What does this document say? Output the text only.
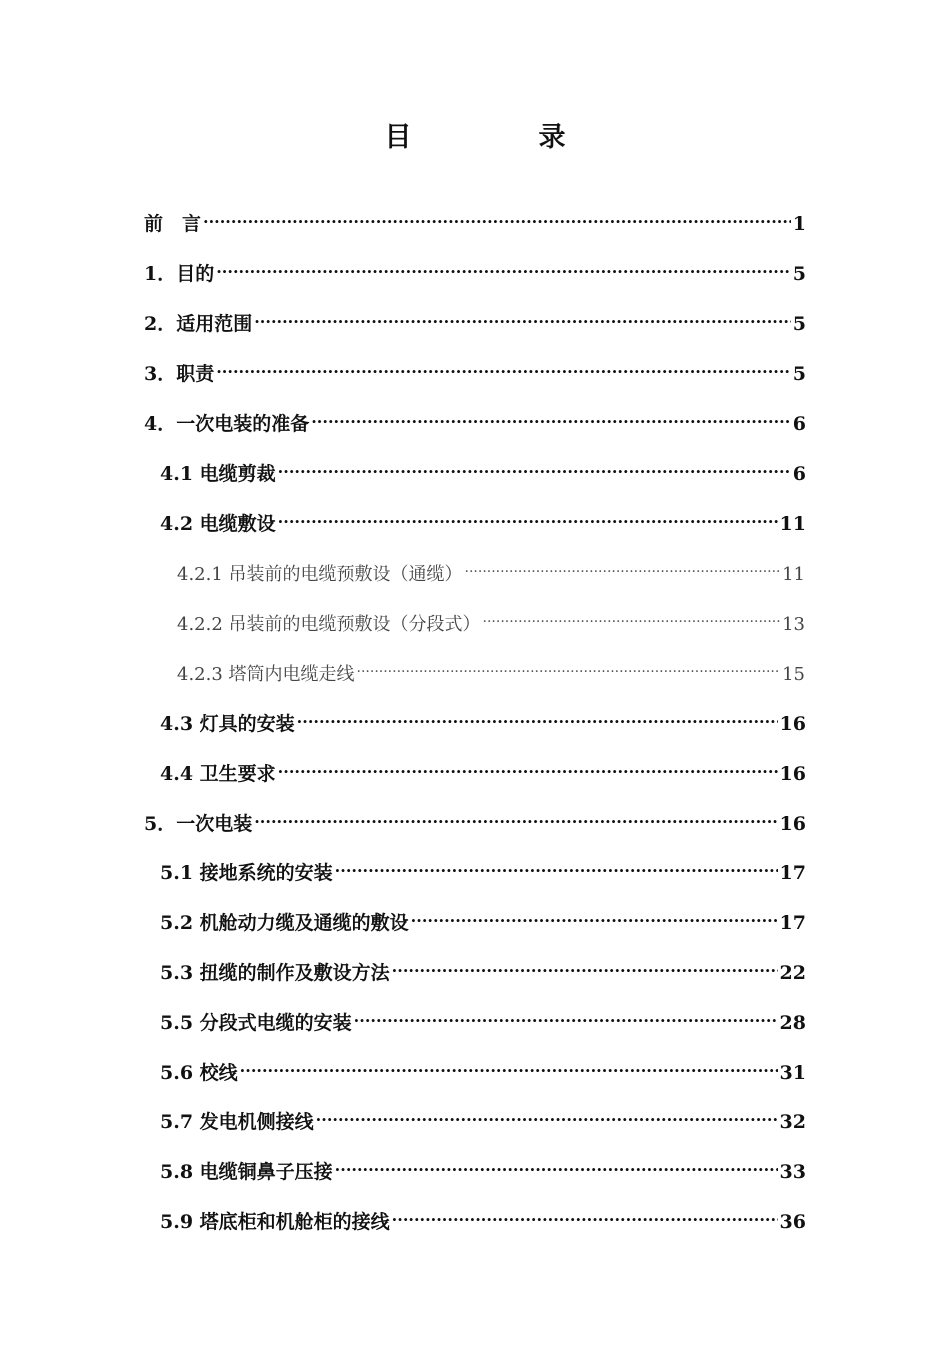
目　录
前　言 .....	1
1．目的 .....	5
2．适用范围 .....	5
3．职责 .....	5
4．一次电装的准备 .....	6
4.1 电缆剪裁 .....	6
4.2 电缆敷设 .....	11
4.2.1 吊装前的电缆预敷设（通缆） .....	11
4.2.2 吊装前的电缆预敷设（分段式） .....	13
4.2.3 塔筒内电缆走线 .....	15
4.3 灯具的安装 .....	16
4.4 卫生要求 .....	16
5．一次电装 .....	16
5.1 接地系统的安装 .....	17
5.2 机舱动力缆及通缆的敷设 .....	17
5.3 扭缆的制作及敷设方法 .....	22
5.5 分段式电缆的安装 .....	28
5.6 校线 .....	31
5.7 发电机侧接线 .....	32
5.8 电缆铜鼻子压接 .....	33
5.9 塔底柜和机舱柜的接线 .....	36
